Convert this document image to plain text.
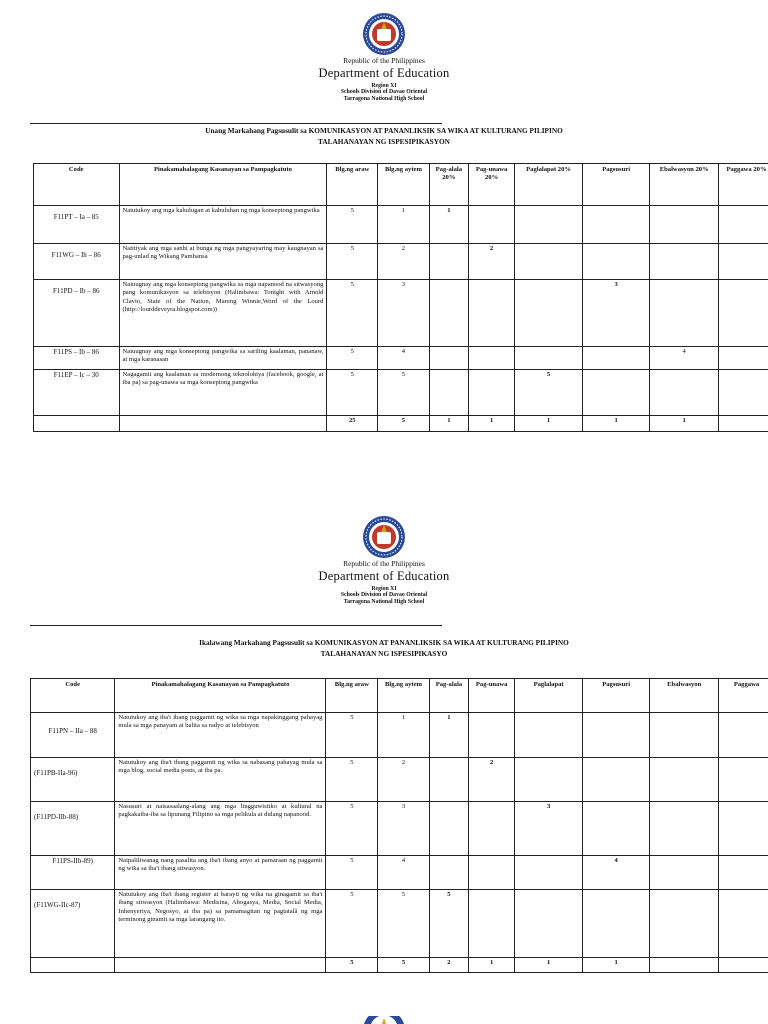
Republic of the Philippines
Department of Education
Region XI
Schools Division of Davao Oriental
Tarragona National High School
Unang Markahang Pagsusulit sa KOMUNIKASYON AT PANANLIKSIK SA WIKA AT KULTURANG PILIPINO
TALAHANAYAN NG ISPESIPIKASYON
Code	Pinakamahalagang Kasanayan sa Pampagkatuto	Blg.ng araw	Blg.ng aytem	Pag-alala 20%	Pag-unawa 20%	Paglalapat 20%	Pagsusuri	Ebalwasyon 20%	Paggawa 20%
F11PT – Ia – 85	Natutukoy ang mga kahulugan at kabuluhan ng mga konseptong pangwika	5	1	1					
F11WG – Ih – 86	Natitiyak ang mga sanhi at bunga ng mga pangyayaring may kaugnayan sa pag-unlad ng Wikang Pambansa	5	2		2				
F11PD – Ib – 86	Naiuugnay ang mga konseptong pangwika sa mga napanood na sitwasyong pang komunikasyon sa telebisyon (Halimbawa: Tonight with Arnold Clavio, State of the Nation, Mareng Winnie,Word of the Lourd (http://lourddeveyra.blogspot.com))	5	3				3		
F11PS – Ib – 86	Naiuugnay ang mga konseptong pangwika sa sariling kaalaman, pananaw, at mga karanasan	5	4					4	
F11EP – Ic – 30	Nagagamit ang kaalaman sa modernong teknolohiya (facebook, google, at iba pa) sa pag-unawa sa mga konseptong pangwika	5	5			5			
		25	5	1	1	1	1	1	
Republic of the Philippines
Department of Education
Region XI
Schools Division of Davao Oriental
Tarragona National High School
Ikalawang Markahang Pagsusulit sa KOMUNIKASYON AT PANANLIKSIK SA WIKA AT KULTURANG PILIPINO
TALAHANAYAN NG ISPESIPIKASYO
Code	Pinakamahalagang Kasanayan sa Pampagkatuto	Blg.ng araw	Blg.ng aytem	Pag-alala	Pag-unawa	Paglalapat	Pagsusuri	Ebalwasyon	Paggawa
F11PN – IIa – 88	Natutukoy ang iba't ibang paggamit ng wika sa mga napakinggang pahayag mula sa mga panayam at balita sa radyo at telebisyon	5	1	1					
(F11PB-IIa-96)	Natutukoy ang iba't ibang paggamit ng wika sa nabasang pahayag mula sa mga blog, social media posts, at iba pa.	5	2		2				
(F11PD-IIb-88)	Nasusuri at naisasaalang-alang ang mga lingguwistiko at kultural na pagkakaiba-iba sa lipunang Filipino sa mga pelikula at dulang napanood.	5	3			3			
F11PS-IIb-89)	Naipaliliwanag nang pasalita ang iba't ibang anyo at pamaraan ng paggamit ng wika sa iba't ibang sitwasyon.	5	4				4		
(F11WG-IIc-87)	Natutukoy ang iba't ibang register at barayti ng wika na ginagamit sa iba't ibang sitwasyon (Halimbawa: Medisina, Abogasya, Media, Social Media, Inhenyeriya, Negosyo, at iba pa) sa pamamagitan ng pagtatalâ ng mga terminong ginamit sa mga larangang ito.	5	5	5					
		5	5	2	1	1	1		
